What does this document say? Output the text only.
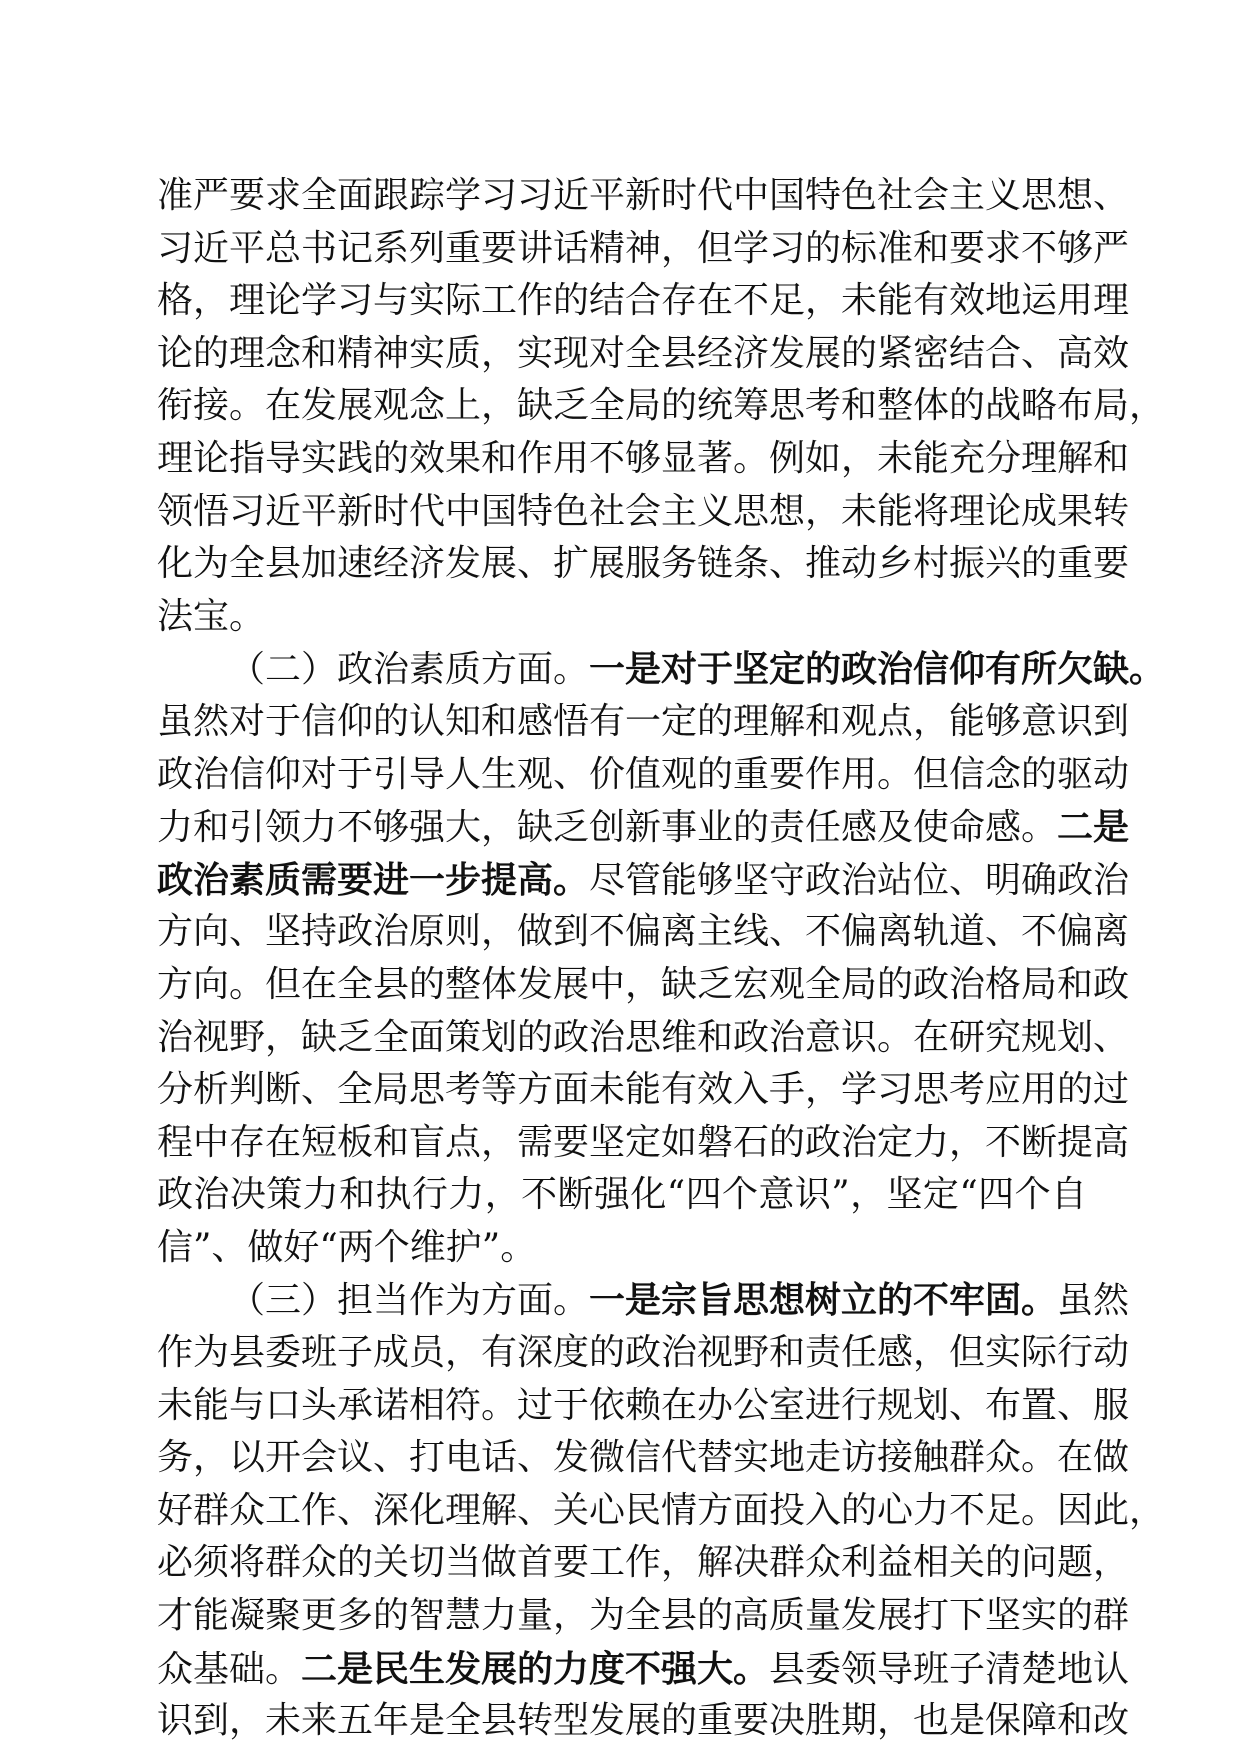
准严要求全面跟踪学习习近平新时代中国特色社会主义思想、
习近平总书记系列重要讲话精神，但学习的标准和要求不够严
格，理论学习与实际工作的结合存在不足，未能有效地运用理
论的理念和精神实质，实现对全县经济发展的紧密结合、高效
衔接。在发展观念上，缺乏全局的统筹思考和整体的战略布局，
理论指导实践的效果和作用不够显著。例如，未能充分理解和
领悟习近平新时代中国特色社会主义思想，未能将理论成果转
化为全县加速经济发展、扩展服务链条、推动乡村振兴的重要
法宝。
（二）政治素质方面。一是对于坚定的政治信仰有所欠缺。
虽然对于信仰的认知和感悟有一定的理解和观点，能够意识到
政治信仰对于引导人生观、价值观的重要作用。但信念的驱动
力和引领力不够强大，缺乏创新事业的责任感及使命感。二是
政治素质需要进一步提高。尽管能够坚守政治站位、明确政治
方向、坚持政治原则，做到不偏离主线、不偏离轨道、不偏离
方向。但在全县的整体发展中，缺乏宏观全局的政治格局和政
治视野，缺乏全面策划的政治思维和政治意识。在研究规划、
分析判断、全局思考等方面未能有效入手，学习思考应用的过
程中存在短板和盲点，需要坚定如磐石的政治定力，不断提高
政治决策力和执行力，不断强化“四个意识”，坚定“四个自
信”、做好“两个维护”。
（三）担当作为方面。一是宗旨思想树立的不牢固。虽然
作为县委班子成员，有深度的政治视野和责任感，但实际行动
未能与口头承诺相符。过于依赖在办公室进行规划、布置、服
务，以开会议、打电话、发微信代替实地走访接触群众。在做
好群众工作、深化理解、关心民情方面投入的心力不足。因此，
必须将群众的关切当做首要工作，解决群众利益相关的问题，
才能凝聚更多的智慧力量，为全县的高质量发展打下坚实的群
众基础。二是民生发展的力度不强大。县委领导班子清楚地认
识到，未来五年是全县转型发展的重要决胜期，也是保障和改
